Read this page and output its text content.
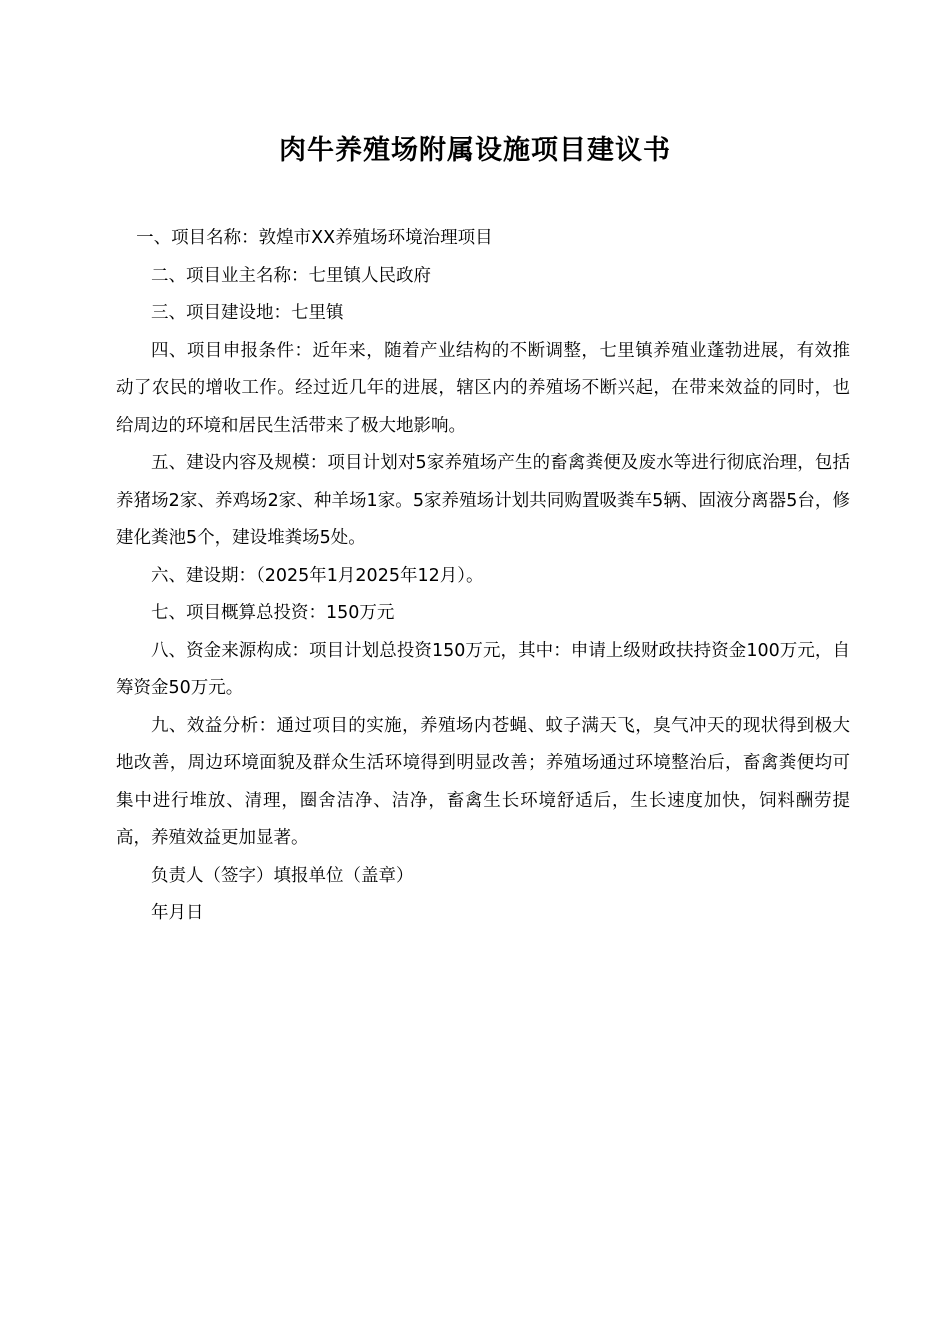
肉牛养殖场附属设施项目建议书

一、项目名称：敦煌市XX养殖场环境治理项目

二、项目业主名称：七里镇人民政府

三、项目建设地：七里镇

四、项目申报条件：近年来，随着产业结构的不断调整，七里镇养殖业蓬勃进展，有效推动了农民的增收工作。经过近几年的进展，辖区内的养殖场不断兴起，在带来效益的同时，也给周边的环境和居民生活带来了极大地影响。

五、建设内容及规模：项目计划对5家养殖场产生的畜禽粪便及废水等进行彻底治理，包括养猪场2家、养鸡场2家、种羊场1家。5家养殖场计划共同购置吸粪车5辆、固液分离器5台，修建化粪池5个，建设堆粪场5处。

六、建设期：（2025年1月2025年12月）。

七、项目概算总投资：150万元

八、资金来源构成：项目计划总投资150万元，其中：申请上级财政扶持资金100万元，自筹资金50万元。

九、效益分析：通过项目的实施，养殖场内苍蝇、蚊子满天飞，臭气冲天的现状得到极大地改善，周边环境面貌及群众生活环境得到明显改善；养殖场通过环境整治后，畜禽粪便均可集中进行堆放、清理，圈舍洁净、洁净，畜禽生长环境舒适后，生长速度加快，饲料酬劳提高，养殖效益更加显著。

负责人（签字）填报单位（盖章）

年月日
